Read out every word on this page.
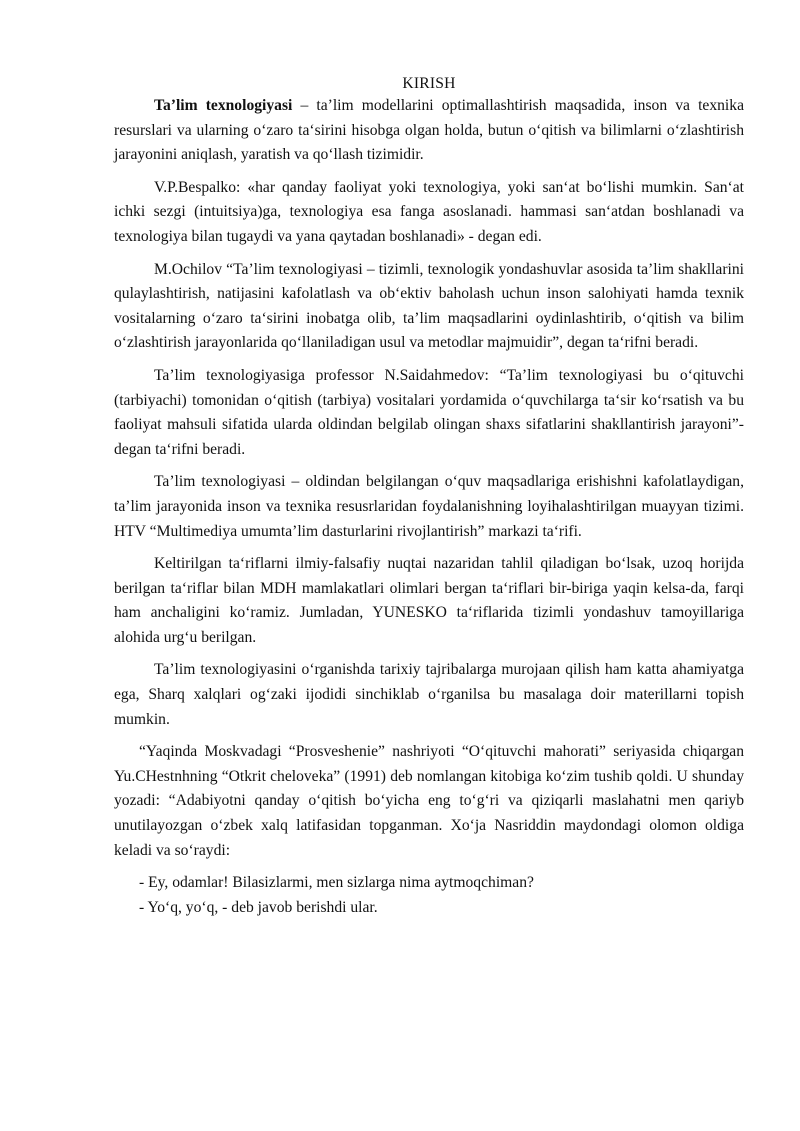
KIRISH

Ta’lim texnologiyasi – ta’lim modellarini optimallashtirish maqsadida, inson va texnika resurslari va ularning o‘zaro ta‘sirini hisobga olgan holda, butun o‘qitish va bilimlarni o‘zlashtirish jarayonini aniqlash, yaratish va qo‘llash tizimidir.

V.P.Bespalko: «har qanday faoliyat yoki texnologiya, yoki san‘at bo‘lishi mumkin. San‘at ichki sezgi (intuitsiya)ga, texnologiya esa fanga asoslanadi. hammasi san‘atdan boshlanadi va texnologiya bilan tugaydi va yana qaytadan boshlanadi» - degan edi.

M.Ochilov “Ta’lim texnologiyasi – tizimli, texnologik yondashuvlar asosida ta’lim shakllarini qulaylashtirish, natijasini kafolatlash va ob‘ektiv baholash uchun inson salohiyati hamda texnik vositalarning o‘zaro ta‘sirini inobatga olib, ta’lim maqsadlarini oydinlashtirib, o‘qitish va bilim o‘zlashtirish jarayonlarida qo‘llaniladigan usul va metodlar majmuidir”, degan ta‘rifni beradi.

Ta’lim texnologiyasiga professor N.Saidahmedov: “Ta’lim texnologiyasi bu o‘qituvchi (tarbiyachi) tomonidan o‘qitish (tarbiya) vositalari yordamida o‘quvchilarga ta‘sir ko‘rsatish va bu faoliyat mahsuli sifatida ularda oldindan belgilab olingan shaxs sifatlarini shakllantirish jarayoni”- degan ta‘rifni beradi.

Ta’lim texnologiyasi – oldindan belgilangan o‘quv maqsadlariga erishishni kafolatlaydigan, ta’lim jarayonida inson va texnika resusrlaridan foydalanishning loyihalashtirilgan muayyan tizimi. HTV “Multimediya umumta’lim dasturlarini rivojlantirish” markazi ta‘rifi.

Keltirilgan ta‘riflarni ilmiy-falsafiy nuqtai nazaridan tahlil qiladigan bo‘lsak, uzoq horijda berilgan ta‘riflar bilan MDH mamlakatlari olimlari bergan ta‘riflari bir-biriga yaqin kelsa-da, farqi ham anchaligini ko‘ramiz. Jumladan, YUNESKO ta‘riflarida tizimli yondashuv tamoyillariga alohida urg‘u berilgan.

Ta’lim texnologiyasini o‘rganishda tarixiy tajribalarga murojaan qilish ham katta ahamiyatga ega, Sharq xalqlari og‘zaki ijodidi sinchiklab o‘rganilsa bu masalaga doir materillarni topish mumkin.

“Yaqinda Moskvadagi “Prosveshenie” nashriyoti “O‘qituvchi mahorati” seriyasida chiqargan Yu.CHestnhning “Otkrit cheloveka” (1991) deb nomlangan kitobiga ko‘zim tushib qoldi. U shunday yozadi: “Adabiyotni qanday o‘qitish bo‘yicha eng to‘g‘ri va qiziqarli maslahatni men qariyb unutilayozgan o‘zbek xalq latifasidan topganman. Xo‘ja Nasriddin maydondagi olomon oldiga keladi va so‘raydi:

- Ey, odamlar! Bilasizlarmi, men sizlarga nima aytmoqchiman?
- Yo‘q, yo‘q, - deb javob berishdi ular.
